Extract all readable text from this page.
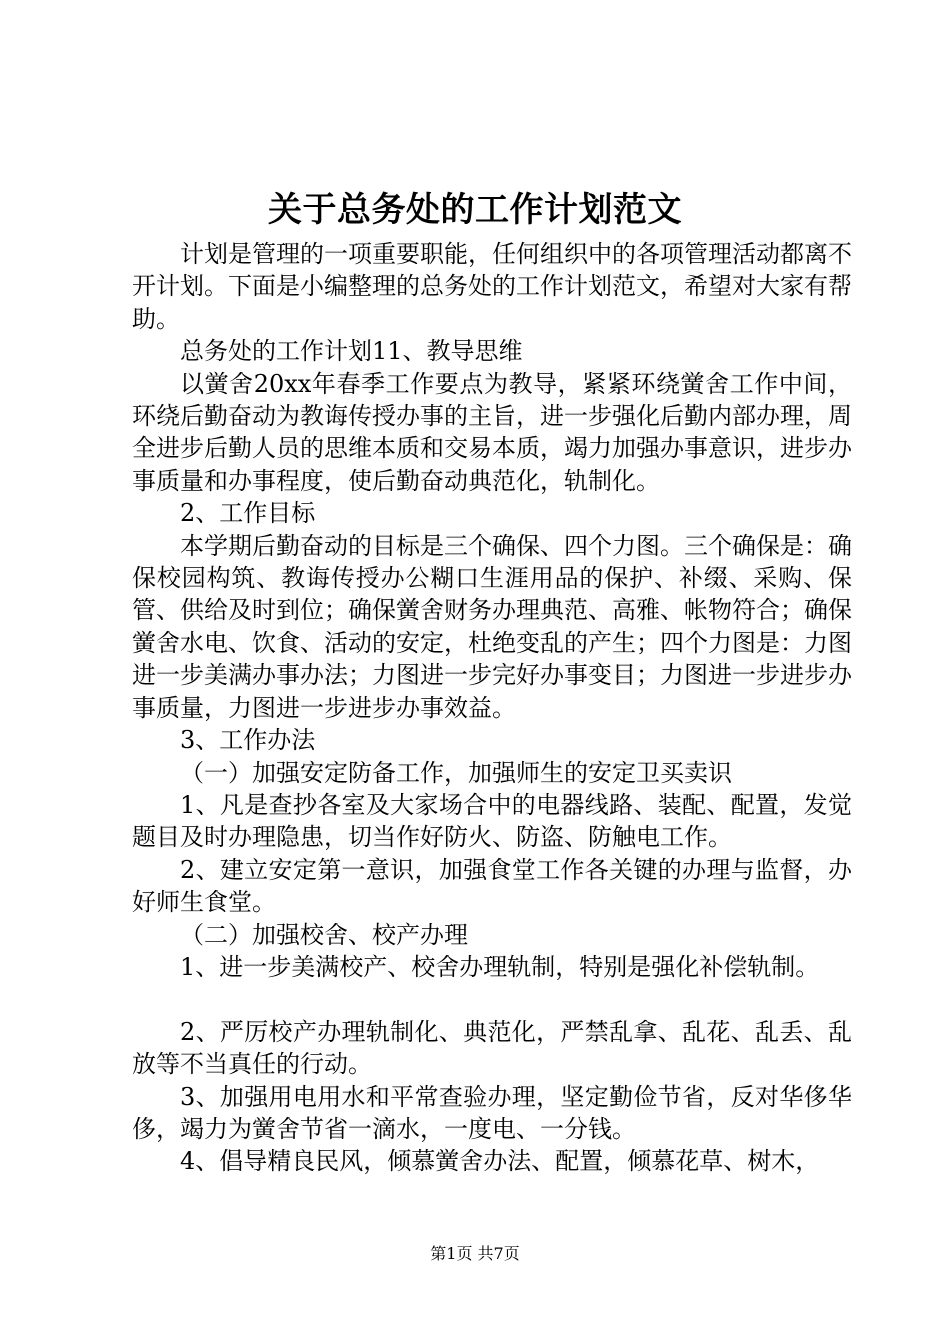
关于总务处的工作计划范文

计划是管理的一项重要职能，任何组织中的各项管理活动都离不开计划。下面是小编整理的总务处的工作计划范文，希望对大家有帮助。

总务处的工作计划11、教导思维

以黉舍20xx年春季工作要点为教导，紧紧环绕黉舍工作中间，环绕后勤奋动为教诲传授办事的主旨，进一步强化后勤内部办理，周全进步后勤人员的思维本质和交易本质，竭力加强办事意识，进步办事质量和办事程度，使后勤奋动典范化，轨制化。

2、工作目标

本学期后勤奋动的目标是三个确保、四个力图。三个确保是：确保校园构筑、教诲传授办公糊口生涯用品的保护、补缀、采购、保管、供给及时到位；确保黉舍财务办理典范、高雅、帐物符合；确保黉舍水电、饮食、活动的安定，杜绝变乱的产生；四个力图是：力图进一步美满办事办法；力图进一步完好办事变目；力图进一步进步办事质量，力图进一步进步办事效益。

3、工作办法

（一）加强安定防备工作，加强师生的安定卫买卖识

1、凡是查抄各室及大家场合中的电器线路、装配、配置，发觉题目及时办理隐患，切当作好防火、防盗、防触电工作。

2、建立安定第一意识，加强食堂工作各关键的办理与监督，办好师生食堂。

（二）加强校舍、校产办理

1、进一步美满校产、校舍办理轨制，特别是强化补偿轨制。

2、严厉校产办理轨制化、典范化，严禁乱拿、乱花、乱丢、乱放等不当真任的行动。

3、加强用电用水和平常查验办理，坚定勤俭节省，反对华侈华侈，竭力为黉舍节省一滴水，一度电、一分钱。

4、倡导精良民风，倾慕黉舍办法、配置，倾慕花草、树木，

第1页 共7页
